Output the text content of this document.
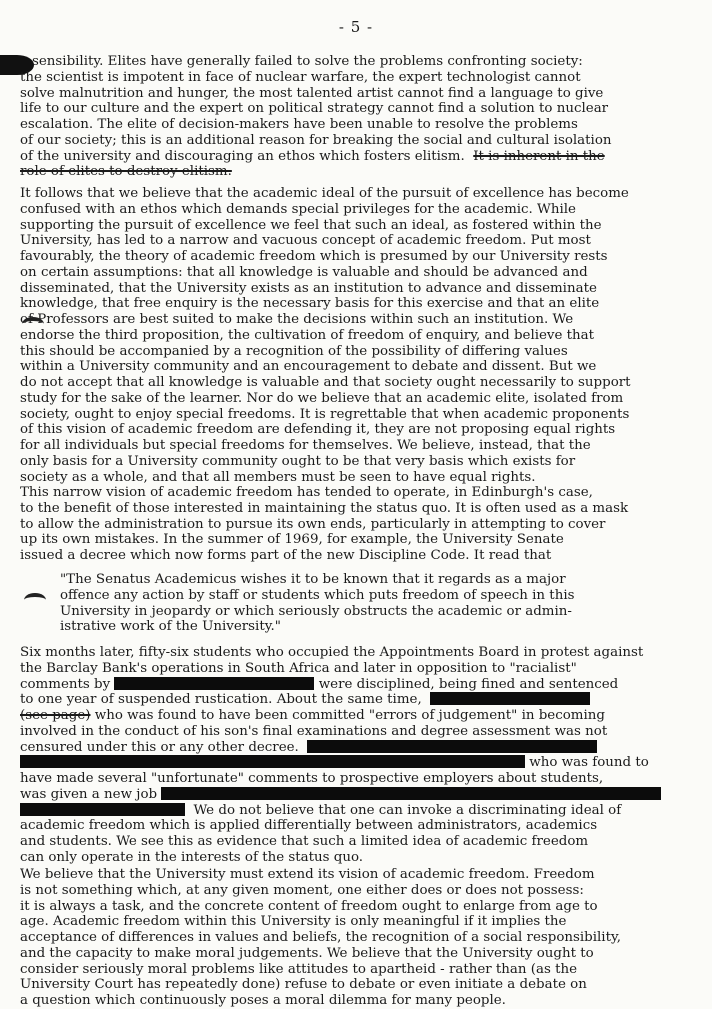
- 5 -
sensibility. Elites have generally failed to solve the problems confronting society:
the scientist is impotent in face of nuclear warfare, the expert technologist cannot
solve malnutrition and hunger, the most talented artist cannot find a language to give
life to our culture and the expert on political strategy cannot find a solution to nuclear
escalation. The elite of decision-makers have been unable to resolve the problems
of our society; this is an additional reason for breaking the social and cultural isolation
of the university and discouraging an ethos which fosters elitism. It is inherent in the
role of elites to destroy elitism.
It follows that we believe that the academic ideal of the pursuit of excellence has become
confused with an ethos which demands special privileges for the academic. While
supporting the pursuit of excellence we feel that such an ideal, as fostered within the
University, has led to a narrow and vacuous concept of academic freedom. Put most
favourably, the theory of academic freedom which is presumed by our University rests
on certain assumptions: that all knowledge is valuable and should be advanced and
disseminated, that the University exists as an institution to advance and disseminate
knowledge, that free enquiry is the necessary basis for this exercise and that an elite
of Professors are best suited to make the decisions within such an institution. We
endorse the third proposition, the cultivation of freedom of enquiry, and believe that
this should be accompanied by a recognition of the possibility of differing values
within a University community and an encouragement to debate and dissent. But we
do not accept that all knowledge is valuable and that society ought necessarily to support
study for the sake of the learner. Nor do we believe that an academic elite, isolated from
society, ought to enjoy special freedoms. It is regrettable that when academic proponents
of this vision of academic freedom are defending it, they are not proposing equal rights
for all individuals but special freedoms for themselves. We believe, instead, that the
only basis for a University community ought to be that very basis which exists for
society as a whole, and that all members must be seen to have equal rights.
This narrow vision of academic freedom has tended to operate, in Edinburgh's case,
to the benefit of those interested in maintaining the status quo. It is often used as a mask
to allow the administration to pursue its own ends, particularly in attempting to cover
up its own mistakes. In the summer of 1969, for example, the University Senate
issued a decree which now forms part of the new Discipline Code. It read that
"The Senatus Academicus wishes it to be known that it regards as a major
offence any action by staff or students which puts freedom of speech in this
University in jeopardy or which seriously obstructs the academic or admin-
istrative work of the University."
Six months later, fifty-six students who occupied the Appointments Board in protest against
the Barclay Bank's operations in South Africa and later in opposition to "racialist"
comments by	were disciplined, being fined and sentenced
to one year of suspended rustication. About the same time,
(see page) who was found to have been committed "errors of judgement" in becoming
involved in the conduct of his son's final examinations and degree assessment was not
censured under this or any other decree.
who was found to
have made several "unfortunate" comments to prospective employers about students,
was given a new job
We do not believe that one can invoke a discriminating ideal of
academic freedom which is applied differentially between administrators, academics
and students. We see this as evidence that such a limited idea of academic freedom
can only operate in the interests of the status quo.
We believe that the University must extend its vision of academic freedom. Freedom
is not something which, at any given moment, one either does or does not possess:
it is always a task, and the concrete content of freedom ought to enlarge from age to
age. Academic freedom within this University is only meaningful if it implies the
acceptance of differences in values and beliefs, the recognition of a social responsibility,
and the capacity to make moral judgements. We believe that the University ought to
consider seriously moral problems like attitudes to apartheid - rather than (as the
University Court has repeatedly done) refuse to debate or even initiate a debate on
a question which continuously poses a moral dilemma for many people.
